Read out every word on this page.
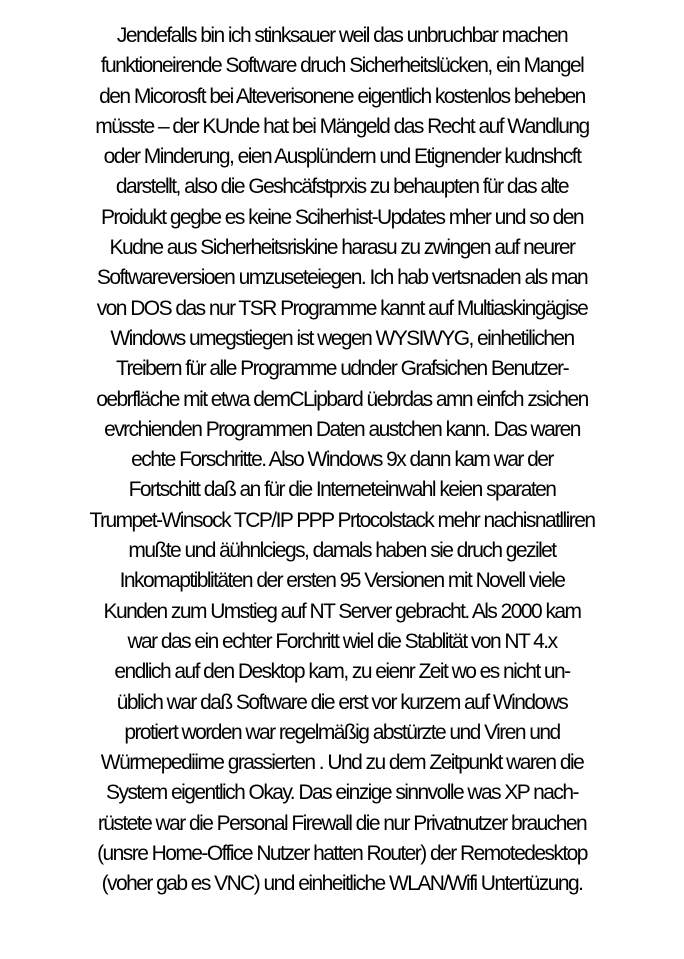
Jendefalls bin ich stinksauer weil das unbruchbar machen
funktioneirende Software druch Sicherheitslücken, ein Mangel
den Micorosft bei Alteverisonene eigentlich kostenlos beheben
müsste – der KUnde hat bei Mängeld das Recht auf Wandlung
oder Minderung, eien Ausplündern und Etignender kudnshcft
darstellt, also die Geshcäfstprxis zu behaupten für das alte
Proidukt gegbe es keine Sciherhist-Updates mher und so den
Kudne aus Sicherheitsriskine harasu zu zwingen auf neurer
Softwareversioen umzuseteiegen. Ich hab vertsnaden als man
von DOS das nur TSR Programme kannt auf Multiaskingägise
Windows umegstiegen ist wegen WYSIWYG, einhetilichen
Treibern für alle Programme udnder Grafsichen Benutzer-
oebrfläche mit etwa demCLipbard üebrdas amn einfch zsichen
evrchienden Programmen Daten austchen kann. Das waren
echte Forschritte. Also Windows 9x dann kam war der
Fortschitt daß an für die Interneteinwahl keien sparaten
Trumpet-Winsock TCP/IP PPP Prtocolstack mehr nachisnatlliren
mußte und äühnlciegs, damals haben sie druch gezilet
Inkomaptiblitäten der ersten 95 Versionen mit Novell viele
Kunden zum Umstieg auf NT Server gebracht. Als 2000 kam
war das ein echter Forchritt wiel die Stablität von NT 4.x
endlich auf den Desktop kam, zu eienr Zeit wo es nicht un-
üblich war daß Software die erst vor kurzem auf Windows
protiert worden war regelmäßig abstürzte und Viren und
Würmepediime grassierten . Und zu dem Zeitpunkt waren die
System eigentlich Okay. Das einzige sinnvolle was XP nach-
rüstete war die Personal Firewall die nur Privatnutzer brauchen
(unsre Home-Office Nutzer hatten Router) der Remotedesktop
(voher gab es VNC) und einheitliche WLAN/Wifi Untertüzung.
